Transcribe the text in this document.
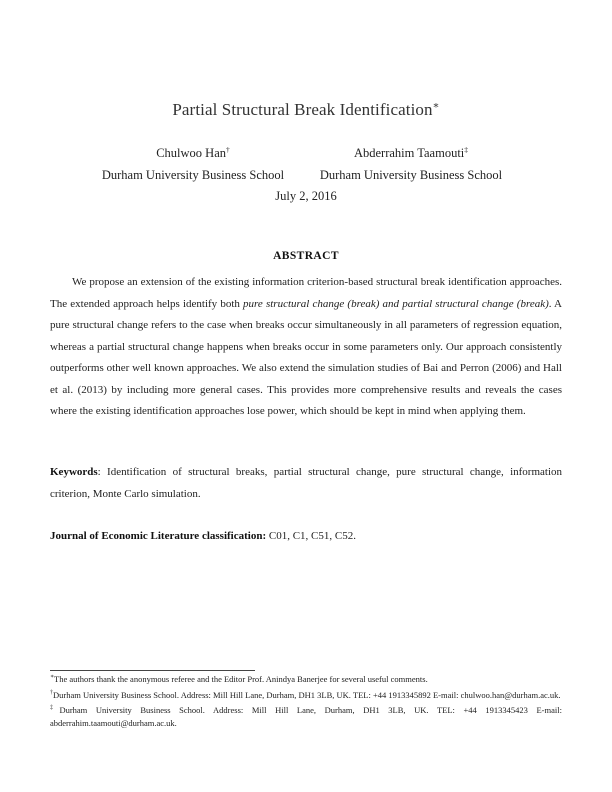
Partial Structural Break Identification∗
Chulwoo Han†
Durham University Business School
Abderrahim Taamouti‡
Durham University Business School
July 2, 2016
ABSTRACT

We propose an extension of the existing information criterion-based structural break identification approaches. The extended approach helps identify both pure structural change (break) and partial structural change (break). A pure structural change refers to the case when breaks occur simultaneously in all parameters of regression equation, whereas a partial structural change happens when breaks occur in some parameters only. Our approach consistently outperforms other well known approaches. We also extend the simulation studies of Bai and Perron (2006) and Hall et al. (2013) by including more general cases. This provides more comprehensive results and reveals the cases where the existing identification approaches lose power, which should be kept in mind when applying them.

Keywords: Identification of structural breaks, partial structural change, pure structural change, information criterion, Monte Carlo simulation.

Journal of Economic Literature classification: C01, C1, C51, C52.

∗The authors thank the anonymous referee and the Editor Prof. Anindya Banerjee for several useful comments.

†Durham University Business School. Address: Mill Hill Lane, Durham, DH1 3LB, UK. TEL: +44 1913345892 E-mail: chulwoo.han@durham.ac.uk.

‡Durham University Business School. Address: Mill Hill Lane, Durham, DH1 3LB, UK. TEL: +44 1913345423 E-mail: abderrahim.taamouti@durham.ac.uk.
